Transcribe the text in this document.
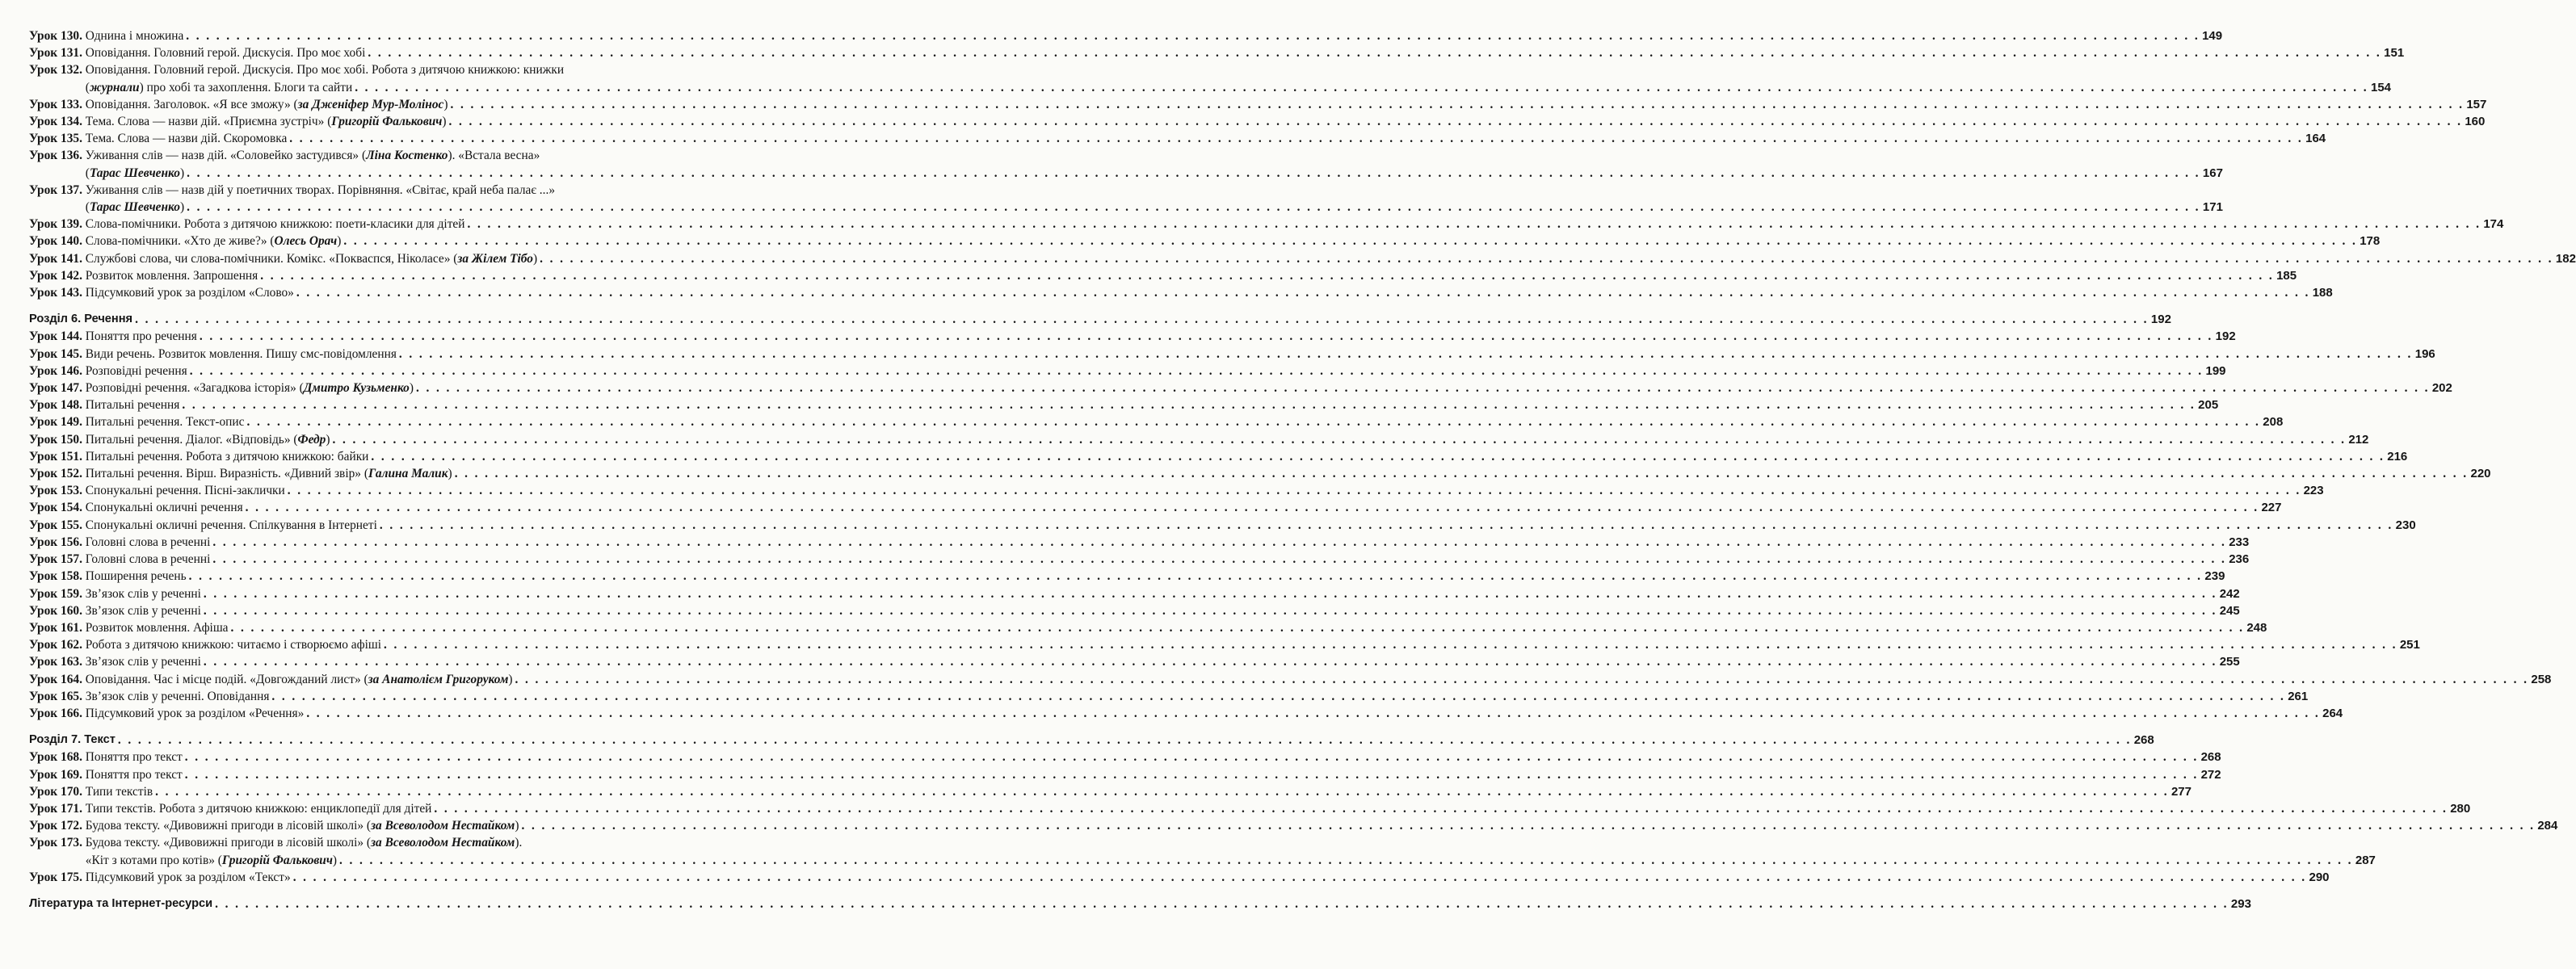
Урок 130. Однина і множина . . . . . . . . . . . . . . . . . . . . . . . . . . . . . . . . . . . . . . . . . . . . . . . . . . . . . . . . . . . . . . . . . . . . . . . . . . . . . . . . . . . . . . . . . . . . . . . . . . . . . . . . . . . . . . . . . . . . . . . . . . . . . . . . . . . . . . . . . . . . . . . . . . . . . . . . . . . . . . . . . . . . . . . . . . . . . . . . . . . . . . . . . . . . . . . . . . . . . . . . 149
Урок 131. Оповідання. Головний герой. Дискусія. Про моє хобі . . . . . . . . . . . . . . . . . . . . . . . . . . . . . . . . . . . . . . . . . . . . . . . . . . . . . . . . . . . . . . . . . . . . . . . . . . . . . . . . . . . . . . . . . . . . . . . . . . . . . . . . . . . . . . . . . . . . . . . . . . . . . . . . . . . . . . . . . . . . . . . . . . . . . . . . . . . . . . . . . . . . . . . . . . . . . . . . . . . . . . . . . . . . . . . . . . . . . . . . 151
Урок 132. Оповідання. Головний герой. Дискусія. Про моє хобі. Робота з дитячою книжкою: книжки
(журнали) про хобі та захоплення. Блоги та сайти . . . . . . . . . . . . . . . . . . . . . . . . . . . . . . . . . . . . . . . . . . . . . . . . . . . . . . . . . . . . . . . . . . . . . . . . . . . . . . . . . . . . . . . . . . . . . . . . . . . . . . . . . . . . . . . . . . . . . . . . . . . . . . . . . . . . . . . . . . . . . . . . . . . . . . . . . . . . . . . . . . . . . . . . . . . . . . . . . . . . . . . . . . . . . . . . . . . . . . . . 154
Урок 133. Оповідання. Заголовок. «Я все зможу» (за Дженіфер Мур-Молінос) . . . . . . . . . . . . . . . . . . . . . . . . . . . . . . . . . . . . . . . . . . . . . . . . . . . . . . . . . . . . . . . . . . . . . . . . . . . . . . . . . . . . . . . . . . . . . . . . . . . . . . . . . . . . . . . . . . . . . . . . . . . . . . . . . . . . . . . . . . . . . . . . . . . . . . . . . . . . . . . . . . . . . . . . . . . . . . . . . . . . . . . . . . . . . . . . . . . . . . . . 157
Урок 134. Тема. Слова — назви дій. «Приємна зустріч» (Григорій Фалькович) . . . . . . . . . . . . . . . . . . . . . . . . . . . . . . . . . . . . . . . . . . . . . . . . . . . . . . . . . . . . . . . . . . . . . . . . . . . . . . . . . . . . . . . . . . . . . . . . . . . . . . . . . . . . . . . . . . . . . . . . . . . . . . . . . . . . . . . . . . . . . . . . . . . . . . . . . . . . . . . . . . . . . . . . . . . . . . . . . . . . . . . . . . . . . . . . . . . . . . . . 160
Урок 135. Тема. Слова — назви дій. Скоромовка . . . . . . . . . . . . . . . . . . . . . . . . . . . . . . . . . . . . . . . . . . . . . . . . . . . . . . . . . . . . . . . . . . . . . . . . . . . . . . . . . . . . . . . . . . . . . . . . . . . . . . . . . . . . . . . . . . . . . . . . . . . . . . . . . . . . . . . . . . . . . . . . . . . . . . . . . . . . . . . . . . . . . . . . . . . . . . . . . . . . . . . . . . . . . . . . . . . . . . . . 164
Урок 136. Уживання слів — назв дій. «Соловейко застудився» (Ліна Костенко). «Встала весна»
(Тарас Шевченко) . . . . . . . . . . . . . . . . . . . . . . . . . . . . . . . . . . . . . . . . . . . . . . . . . . . . . . . . . . . . . . . . . . . . . . . . . . . . . . . . . . . . . . . . . . . . . . . . . . . . . . . . . . . . . . . . . . . . . . . . . . . . . . . . . . . . . . . . . . . . . . . . . . . . . . . . . . . . . . . . . . . . . . . . . . . . . . . . . . . . . . . . . . . . . . . . . . . . . . . . 167
Урок 137. Уживання слів — назв дій у поетичних творах. Порівняння. «Світає, край неба палає ...»
(Тарас Шевченко) . . . . . . . . . . . . . . . . . . . . . . . . . . . . . . . . . . . . . . . . . . . . . . . . . . . . . . . . . . . . . . . . . . . . . . . . . . . . . . . . . . . . . . . . . . . . . . . . . . . . . . . . . . . . . . . . . . . . . . . . . . . . . . . . . . . . . . . . . . . . . . . . . . . . . . . . . . . . . . . . . . . . . . . . . . . . . . . . . . . . . . . . . . . . . . . . . . . . . . . . 171
Урок 139. Слова-помічники. Робота з дитячою книжкою: поети-класики для дітей . . . . . . . . . . . . . . . . . . . . . . . . . . . . . . . . . . . . . . . . . . . . . . . . . . . . . . . . . . . . . . . . . . . . . . . . . . . . . . . . . . . . . . . . . . . . . . . . . . . . . . . . . . . . . . . . . . . . . . . . . . . . . . . . . . . . . . . . . . . . . . . . . . . . . . . . . . . . . . . . . . . . . . . . . . . . . . . . . . . . . . . . . . . . . . . . . . . . . . . . 174
Урок 140. Слова-помічники. «Хто де живе?» (Олесь Орач) . . . . . . . . . . . . . . . . . . . . . . . . . . . . . . . . . . . . . . . . . . . . . . . . . . . . . . . . . . . . . . . . . . . . . . . . . . . . . . . . . . . . . . . . . . . . . . . . . . . . . . . . . . . . . . . . . . . . . . . . . . . . . . . . . . . . . . . . . . . . . . . . . . . . . . . . . . . . . . . . . . . . . . . . . . . . . . . . . . . . . . . . . . . . . . . . . . . . . . . . 178
Урок 141. Службові слова, чи слова-помічники. Комікс. «Покваспся, Ніколасе» (за Жілем Тібо) . . . . . . . . . . . . . . . . . . . . . . . . . . . . . . . . . . . . . . . . . . . . . . . . . . . . . . . . . . . . . . . . . . . . . . . . . . . . . . . . . . . . . . . . . . . . . . . . . . . . . . . . . . . . . . . . . . . . . . . . . . . . . . . . . . . . . . . . . . . . . . . . . . . . . . . . . . . . . . . . . . . . . . . . . . . . . . . . . . . . . . . . . . . . . . . . . . . . . . . . 182
Урок 142. Розвиток мовлення. Запрошення . . . . . . . . . . . . . . . . . . . . . . . . . . . . . . . . . . . . . . . . . . . . . . . . . . . . . . . . . . . . . . . . . . . . . . . . . . . . . . . . . . . . . . . . . . . . . . . . . . . . . . . . . . . . . . . . . . . . . . . . . . . . . . . . . . . . . . . . . . . . . . . . . . . . . . . . . . . . . . . . . . . . . . . . . . . . . . . . . . . . . . . . . . . . . . . . . . . . . . . . 185
Урок 143. Підсумковий урок за розділом «Слово» . . . . . . . . . . . . . . . . . . . . . . . . . . . . . . . . . . . . . . . . . . . . . . . . . . . . . . . . . . . . . . . . . . . . . . . . . . . . . . . . . . . . . . . . . . . . . . . . . . . . . . . . . . . . . . . . . . . . . . . . . . . . . . . . . . . . . . . . . . . . . . . . . . . . . . . . . . . . . . . . . . . . . . . . . . . . . . . . . . . . . . . . . . . . . . . . . . . . . . . . 188
Розділ 6. Речення . . . . . . . . . . . . . . . . . . . . . . . . . . . . . . . . . . . . . . . . . . . . . . . . . . . . . . . . . . . . . . . . . . . . . . . . . . . . . . . . . . . . . . . . . . . . . . . . . . . . . . . . . . . . . . . . . . . . . . . . . . . . . . . . . . . . . . . . . . . . . . . . . . . . . . . . . . . . . . . . . . . . . . . . . . . . . . . . . . . . . . . . . . . . . . . . . . . . . . . . 192
Урок 144. Поняття про речення . . . . . . . . . . . . . . . . . . . . . . . . . . . . . . . . . . . . . . . . . . . . . . . . . . . . . . . . . . . . . . . . . . . . . . . . . . . . . . . . . . . . . . . . . . . . . . . . . . . . . . . . . . . . . . . . . . . . . . . . . . . . . . . . . . . . . . . . . . . . . . . . . . . . . . . . . . . . . . . . . . . . . . . . . . . . . . . . . . . . . . . . . . . . . . . . . . . . . . . . 192
Урок 145. Види речень. Розвиток мовлення. Пишу смс-повідомлення . . . . . . . . . . . . . . . . . . . . . . . . . . . . . . . . . . . . . . . . . . . . . . . . . . . . . . . . . . . . . . . . . . . . . . . . . . . . . . . . . . . . . . . . . . . . . . . . . . . . . . . . . . . . . . . . . . . . . . . . . . . . . . . . . . . . . . . . . . . . . . . . . . . . . . . . . . . . . . . . . . . . . . . . . . . . . . . . . . . . . . . . . . . . . . . . . . . . . . . . 196
Урок 146. Розповідні речення . . . . . . . . . . . . . . . . . . . . . . . . . . . . . . . . . . . . . . . . . . . . . . . . . . . . . . . . . . . . . . . . . . . . . . . . . . . . . . . . . . . . . . . . . . . . . . . . . . . . . . . . . . . . . . . . . . . . . . . . . . . . . . . . . . . . . . . . . . . . . . . . . . . . . . . . . . . . . . . . . . . . . . . . . . . . . . . . . . . . . . . . . . . . . . . . . . . . . . . . 199
Урок 147. Розповідні речення. «Загадкова історія» (Дмитро Кузьменко) . . . . . . . . . . . . . . . . . . . . . . . . . . . . . . . . . . . . . . . . . . . . . . . . . . . . . . . . . . . . . . . . . . . . . . . . . . . . . . . . . . . . . . . . . . . . . . . . . . . . . . . . . . . . . . . . . . . . . . . . . . . . . . . . . . . . . . . . . . . . . . . . . . . . . . . . . . . . . . . . . . . . . . . . . . . . . . . . . . . . . . . . . . . . . . . . . . . . . . . . 202
Урок 148. Питальні речення . . . . . . . . . . . . . . . . . . . . . . . . . . . . . . . . . . . . . . . . . . . . . . . . . . . . . . . . . . . . . . . . . . . . . . . . . . . . . . . . . . . . . . . . . . . . . . . . . . . . . . . . . . . . . . . . . . . . . . . . . . . . . . . . . . . . . . . . . . . . . . . . . . . . . . . . . . . . . . . . . . . . . . . . . . . . . . . . . . . . . . . . . . . . . . . . . . . . . . . . 205
Урок 149. Питальні речення. Текст-опис . . . . . . . . . . . . . . . . . . . . . . . . . . . . . . . . . . . . . . . . . . . . . . . . . . . . . . . . . . . . . . . . . . . . . . . . . . . . . . . . . . . . . . . . . . . . . . . . . . . . . . . . . . . . . . . . . . . . . . . . . . . . . . . . . . . . . . . . . . . . . . . . . . . . . . . . . . . . . . . . . . . . . . . . . . . . . . . . . . . . . . . . . . . . . . . . . . . . . . . . 208
Урок 150. Питальні речення. Діалог. «Відповідь» (Федр) . . . . . . . . . . . . . . . . . . . . . . . . . . . . . . . . . . . . . . . . . . . . . . . . . . . . . . . . . . . . . . . . . . . . . . . . . . . . . . . . . . . . . . . . . . . . . . . . . . . . . . . . . . . . . . . . . . . . . . . . . . . . . . . . . . . . . . . . . . . . . . . . . . . . . . . . . . . . . . . . . . . . . . . . . . . . . . . . . . . . . . . . . . . . . . . . . . . . . . . . 212
Урок 151. Питальні речення. Робота з дитячою книжкою: байки . . . . . . . . . . . . . . . . . . . . . . . . . . . . . . . . . . . . . . . . . . . . . . . . . . . . . . . . . . . . . . . . . . . . . . . . . . . . . . . . . . . . . . . . . . . . . . . . . . . . . . . . . . . . . . . . . . . . . . . . . . . . . . . . . . . . . . . . . . . . . . . . . . . . . . . . . . . . . . . . . . . . . . . . . . . . . . . . . . . . . . . . . . . . . . . . . . . . . . . . 216
Урок 152. Питальні речення. Вірш. Виразність. «Дивний звір» (Галина Малик) . . . . . . . . . . . . . . . . . . . . . . . . . . . . . . . . . . . . . . . . . . . . . . . . . . . . . . . . . . . . . . . . . . . . . . . . . . . . . . . . . . . . . . . . . . . . . . . . . . . . . . . . . . . . . . . . . . . . . . . . . . . . . . . . . . . . . . . . . . . . . . . . . . . . . . . . . . . . . . . . . . . . . . . . . . . . . . . . . . . . . . . . . . . . . . . . . . . . . . . . 220
Урок 153. Спонукальні речення. Пісні-заклички . . . . . . . . . . . . . . . . . . . . . . . . . . . . . . . . . . . . . . . . . . . . . . . . . . . . . . . . . . . . . . . . . . . . . . . . . . . . . . . . . . . . . . . . . . . . . . . . . . . . . . . . . . . . . . . . . . . . . . . . . . . . . . . . . . . . . . . . . . . . . . . . . . . . . . . . . . . . . . . . . . . . . . . . . . . . . . . . . . . . . . . . . . . . . . . . . . . . . . . . 223
Урок 154. Спонукальні окличні речення . . . . . . . . . . . . . . . . . . . . . . . . . . . . . . . . . . . . . . . . . . . . . . . . . . . . . . . . . . . . . . . . . . . . . . . . . . . . . . . . . . . . . . . . . . . . . . . . . . . . . . . . . . . . . . . . . . . . . . . . . . . . . . . . . . . . . . . . . . . . . . . . . . . . . . . . . . . . . . . . . . . . . . . . . . . . . . . . . . . . . . . . . . . . . . . . . . . . . . . . 227
Урок 155. Спонукальні окличні речення. Спілкування в Інтернеті . . . . . . . . . . . . . . . . . . . . . . . . . . . . . . . . . . . . . . . . . . . . . . . . . . . . . . . . . . . . . . . . . . . . . . . . . . . . . . . . . . . . . . . . . . . . . . . . . . . . . . . . . . . . . . . . . . . . . . . . . . . . . . . . . . . . . . . . . . . . . . . . . . . . . . . . . . . . . . . . . . . . . . . . . . . . . . . . . . . . . . . . . . . . . . . . . . . . . . . . 230
Урок 156. Головні слова в реченні . . . . . . . . . . . . . . . . . . . . . . . . . . . . . . . . . . . . . . . . . . . . . . . . . . . . . . . . . . . . . . . . . . . . . . . . . . . . . . . . . . . . . . . . . . . . . . . . . . . . . . . . . . . . . . . . . . . . . . . . . . . . . . . . . . . . . . . . . . . . . . . . . . . . . . . . . . . . . . . . . . . . . . . . . . . . . . . . . . . . . . . . . . . . . . . . . . . . . . . . 233
Урок 157. Головні слова в реченні . . . . . . . . . . . . . . . . . . . . . . . . . . . . . . . . . . . . . . . . . . . . . . . . . . . . . . . . . . . . . . . . . . . . . . . . . . . . . . . . . . . . . . . . . . . . . . . . . . . . . . . . . . . . . . . . . . . . . . . . . . . . . . . . . . . . . . . . . . . . . . . . . . . . . . . . . . . . . . . . . . . . . . . . . . . . . . . . . . . . . . . . . . . . . . . . . . . . . . . . 236
Урок 158. Поширення речень . . . . . . . . . . . . . . . . . . . . . . . . . . . . . . . . . . . . . . . . . . . . . . . . . . . . . . . . . . . . . . . . . . . . . . . . . . . . . . . . . . . . . . . . . . . . . . . . . . . . . . . . . . . . . . . . . . . . . . . . . . . . . . . . . . . . . . . . . . . . . . . . . . . . . . . . . . . . . . . . . . . . . . . . . . . . . . . . . . . . . . . . . . . . . . . . . . . . . . . . 239
Урок 159. Зв’язок слів у реченні . . . . . . . . . . . . . . . . . . . . . . . . . . . . . . . . . . . . . . . . . . . . . . . . . . . . . . . . . . . . . . . . . . . . . . . . . . . . . . . . . . . . . . . . . . . . . . . . . . . . . . . . . . . . . . . . . . . . . . . . . . . . . . . . . . . . . . . . . . . . . . . . . . . . . . . . . . . . . . . . . . . . . . . . . . . . . . . . . . . . . . . . . . . . . . . . . . . . . . . . 242
Урок 160. Зв’язок слів у реченні . . . . . . . . . . . . . . . . . . . . . . . . . . . . . . . . . . . . . . . . . . . . . . . . . . . . . . . . . . . . . . . . . . . . . . . . . . . . . . . . . . . . . . . . . . . . . . . . . . . . . . . . . . . . . . . . . . . . . . . . . . . . . . . . . . . . . . . . . . . . . . . . . . . . . . . . . . . . . . . . . . . . . . . . . . . . . . . . . . . . . . . . . . . . . . . . . . . . . . . . 245
Урок 161. Розвиток мовлення. Афіша . . . . . . . . . . . . . . . . . . . . . . . . . . . . . . . . . . . . . . . . . . . . . . . . . . . . . . . . . . . . . . . . . . . . . . . . . . . . . . . . . . . . . . . . . . . . . . . . . . . . . . . . . . . . . . . . . . . . . . . . . . . . . . . . . . . . . . . . . . . . . . . . . . . . . . . . . . . . . . . . . . . . . . . . . . . . . . . . . . . . . . . . . . . . . . . . . . . . . . . . 248
Урок 162. Робота з дитячою книжкою: читаємо і створюємо афіші . . . . . . . . . . . . . . . . . . . . . . . . . . . . . . . . . . . . . . . . . . . . . . . . . . . . . . . . . . . . . . . . . . . . . . . . . . . . . . . . . . . . . . . . . . . . . . . . . . . . . . . . . . . . . . . . . . . . . . . . . . . . . . . . . . . . . . . . . . . . . . . . . . . . . . . . . . . . . . . . . . . . . . . . . . . . . . . . . . . . . . . . . . . . . . . . . . . . . . . . 251
Урок 163. Зв’язок слів у реченні . . . . . . . . . . . . . . . . . . . . . . . . . . . . . . . . . . . . . . . . . . . . . . . . . . . . . . . . . . . . . . . . . . . . . . . . . . . . . . . . . . . . . . . . . . . . . . . . . . . . . . . . . . . . . . . . . . . . . . . . . . . . . . . . . . . . . . . . . . . . . . . . . . . . . . . . . . . . . . . . . . . . . . . . . . . . . . . . . . . . . . . . . . . . . . . . . . . . . . . . 255
Урок 164. Оповідання. Час і місце подій. «Довгожданий лист» (за Анатолієм Григоруком) . . . . . . . . . . . . . . . . . . . . . . . . . . . . . . . . . . . . . . . . . . . . . . . . . . . . . . . . . . . . . . . . . . . . . . . . . . . . . . . . . . . . . . . . . . . . . . . . . . . . . . . . . . . . . . . . . . . . . . . . . . . . . . . . . . . . . . . . . . . . . . . . . . . . . . . . . . . . . . . . . . . . . . . . . . . . . . . . . . . . . . . . . . . . . . . . . . . . . . . . 258
Урок 165. Зв’язок слів у реченні. Оповідання . . . . . . . . . . . . . . . . . . . . . . . . . . . . . . . . . . . . . . . . . . . . . . . . . . . . . . . . . . . . . . . . . . . . . . . . . . . . . . . . . . . . . . . . . . . . . . . . . . . . . . . . . . . . . . . . . . . . . . . . . . . . . . . . . . . . . . . . . . . . . . . . . . . . . . . . . . . . . . . . . . . . . . . . . . . . . . . . . . . . . . . . . . . . . . . . . . . . . . . . 261
Урок 166. Підсумковий урок за розділом «Речення» . . . . . . . . . . . . . . . . . . . . . . . . . . . . . . . . . . . . . . . . . . . . . . . . . . . . . . . . . . . . . . . . . . . . . . . . . . . . . . . . . . . . . . . . . . . . . . . . . . . . . . . . . . . . . . . . . . . . . . . . . . . . . . . . . . . . . . . . . . . . . . . . . . . . . . . . . . . . . . . . . . . . . . . . . . . . . . . . . . . . . . . . . . . . . . . . . . . . . . . . 264
Розділ 7. Текст . . . . . . . . . . . . . . . . . . . . . . . . . . . . . . . . . . . . . . . . . . . . . . . . . . . . . . . . . . . . . . . . . . . . . . . . . . . . . . . . . . . . . . . . . . . . . . . . . . . . . . . . . . . . . . . . . . . . . . . . . . . . . . . . . . . . . . . . . . . . . . . . . . . . . . . . . . . . . . . . . . . . . . . . . . . . . . . . . . . . . . . . . . . . . . . . . . . . . . . . 268
Урок 168. Поняття про текст . . . . . . . . . . . . . . . . . . . . . . . . . . . . . . . . . . . . . . . . . . . . . . . . . . . . . . . . . . . . . . . . . . . . . . . . . . . . . . . . . . . . . . . . . . . . . . . . . . . . . . . . . . . . . . . . . . . . . . . . . . . . . . . . . . . . . . . . . . . . . . . . . . . . . . . . . . . . . . . . . . . . . . . . . . . . . . . . . . . . . . . . . . . . . . . . . . . . . . . . 268
Урок 169. Поняття про текст . . . . . . . . . . . . . . . . . . . . . . . . . . . . . . . . . . . . . . . . . . . . . . . . . . . . . . . . . . . . . . . . . . . . . . . . . . . . . . . . . . . . . . . . . . . . . . . . . . . . . . . . . . . . . . . . . . . . . . . . . . . . . . . . . . . . . . . . . . . . . . . . . . . . . . . . . . . . . . . . . . . . . . . . . . . . . . . . . . . . . . . . . . . . . . . . . . . . . . . . 272
Урок 170. Типи текстів . . . . . . . . . . . . . . . . . . . . . . . . . . . . . . . . . . . . . . . . . . . . . . . . . . . . . . . . . . . . . . . . . . . . . . . . . . . . . . . . . . . . . . . . . . . . . . . . . . . . . . . . . . . . . . . . . . . . . . . . . . . . . . . . . . . . . . . . . . . . . . . . . . . . . . . . . . . . . . . . . . . . . . . . . . . . . . . . . . . . . . . . . . . . . . . . . . . . . . . . 277
Урок 171. Типи текстів. Робота з дитячою книжкою: енциклопедії для дітей . . . . . . . . . . . . . . . . . . . . . . . . . . . . . . . . . . . . . . . . . . . . . . . . . . . . . . . . . . . . . . . . . . . . . . . . . . . . . . . . . . . . . . . . . . . . . . . . . . . . . . . . . . . . . . . . . . . . . . . . . . . . . . . . . . . . . . . . . . . . . . . . . . . . . . . . . . . . . . . . . . . . . . . . . . . . . . . . . . . . . . . . . . . . . . . . . . . . . . . . 280
Урок 172. Будова тексту. «Дивовижні пригоди в лісовій школі» (за Всеволодом Нестайком) . . . . . . . . . . . . . . . . . . . . . . . . . . . . . . . . . . . . . . . . . . . . . . . . . . . . . . . . . . . . . . . . . . . . . . . . . . . . . . . . . . . . . . . . . . . . . . . . . . . . . . . . . . . . . . . . . . . . . . . . . . . . . . . . . . . . . . . . . . . . . . . . . . . . . . . . . . . . . . . . . . . . . . . . . . . . . . . . . . . . . . . . . . . . . . . . . . . . . . . . 284
Урок 173. Будова тексту. «Дивовижні пригоди в лісовій школі» (за Всеволодом Нестайком).
«Кіт з котами про котів» (Григорій Фалькович) . . . . . . . . . . . . . . . . . . . . . . . . . . . . . . . . . . . . . . . . . . . . . . . . . . . . . . . . . . . . . . . . . . . . . . . . . . . . . . . . . . . . . . . . . . . . . . . . . . . . . . . . . . . . . . . . . . . . . . . . . . . . . . . . . . . . . . . . . . . . . . . . . . . . . . . . . . . . . . . . . . . . . . . . . . . . . . . . . . . . . . . . . . . . . . . . . . . . . . . . 287
Урок 175. Підсумковий урок за розділом «Текст» . . . . . . . . . . . . . . . . . . . . . . . . . . . . . . . . . . . . . . . . . . . . . . . . . . . . . . . . . . . . . . . . . . . . . . . . . . . . . . . . . . . . . . . . . . . . . . . . . . . . . . . . . . . . . . . . . . . . . . . . . . . . . . . . . . . . . . . . . . . . . . . . . . . . . . . . . . . . . . . . . . . . . . . . . . . . . . . . . . . . . . . . . . . . . . . . . . . . . . . . 290
Література та Інтернет-ресурси . . . . . . . . . . . . . . . . . . . . . . . . . . . . . . . . . . . . . . . . . . . . . . . . . . . . . . . . . . . . . . . . . . . . . . . . . . . . . . . . . . . . . . . . . . . . . . . . . . . . . . . . . . . . . . . . . . . . . . . . . . . . . . . . . . . . . . . . . . . . . . . . . . . . . . . . . . . . . . . . . . . . . . . . . . . . . . . . . . . . . . . . . . . . . . . . . . . . . . . . 293
